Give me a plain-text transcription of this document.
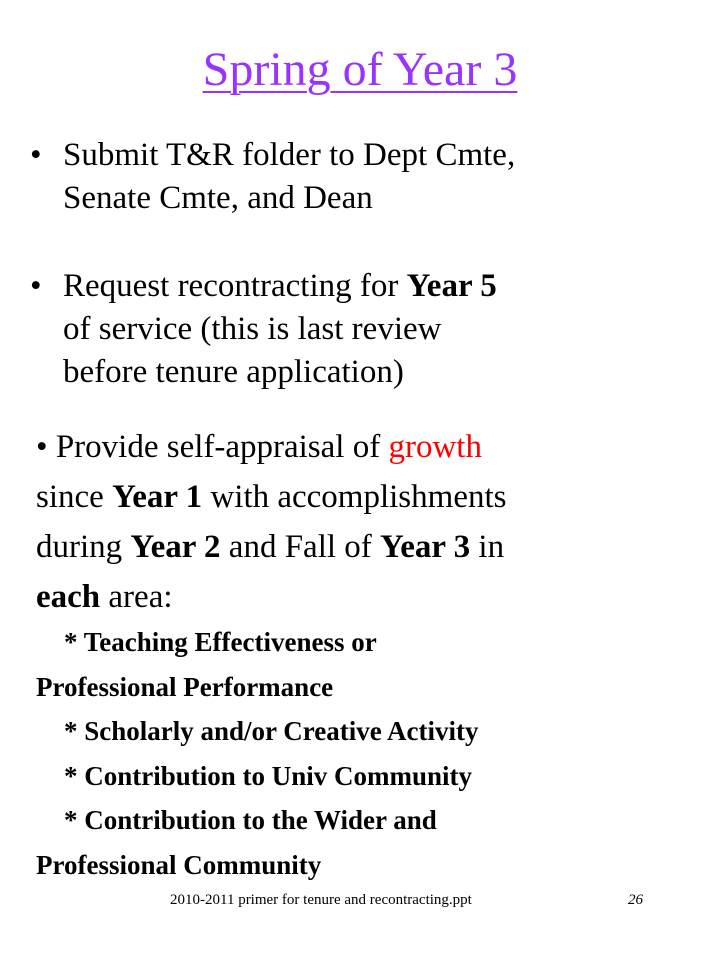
Spring of Year 3
• Submit T&R folder to Dept Cmte,
Senate Cmte, and Dean
• Request recontracting for Year 5
of service (this is last review
before tenure application)
• Provide self-appraisal of growth
since Year 1 with accomplishments
during Year 2 and Fall of Year 3 in
each area:
* Teaching Effectiveness or
Professional Performance
* Scholarly and/or Creative Activity
* Contribution to Univ Community
* Contribution to the Wider and
Professional Community
2010-2011 primer for tenure and recontracting.ppt	26
